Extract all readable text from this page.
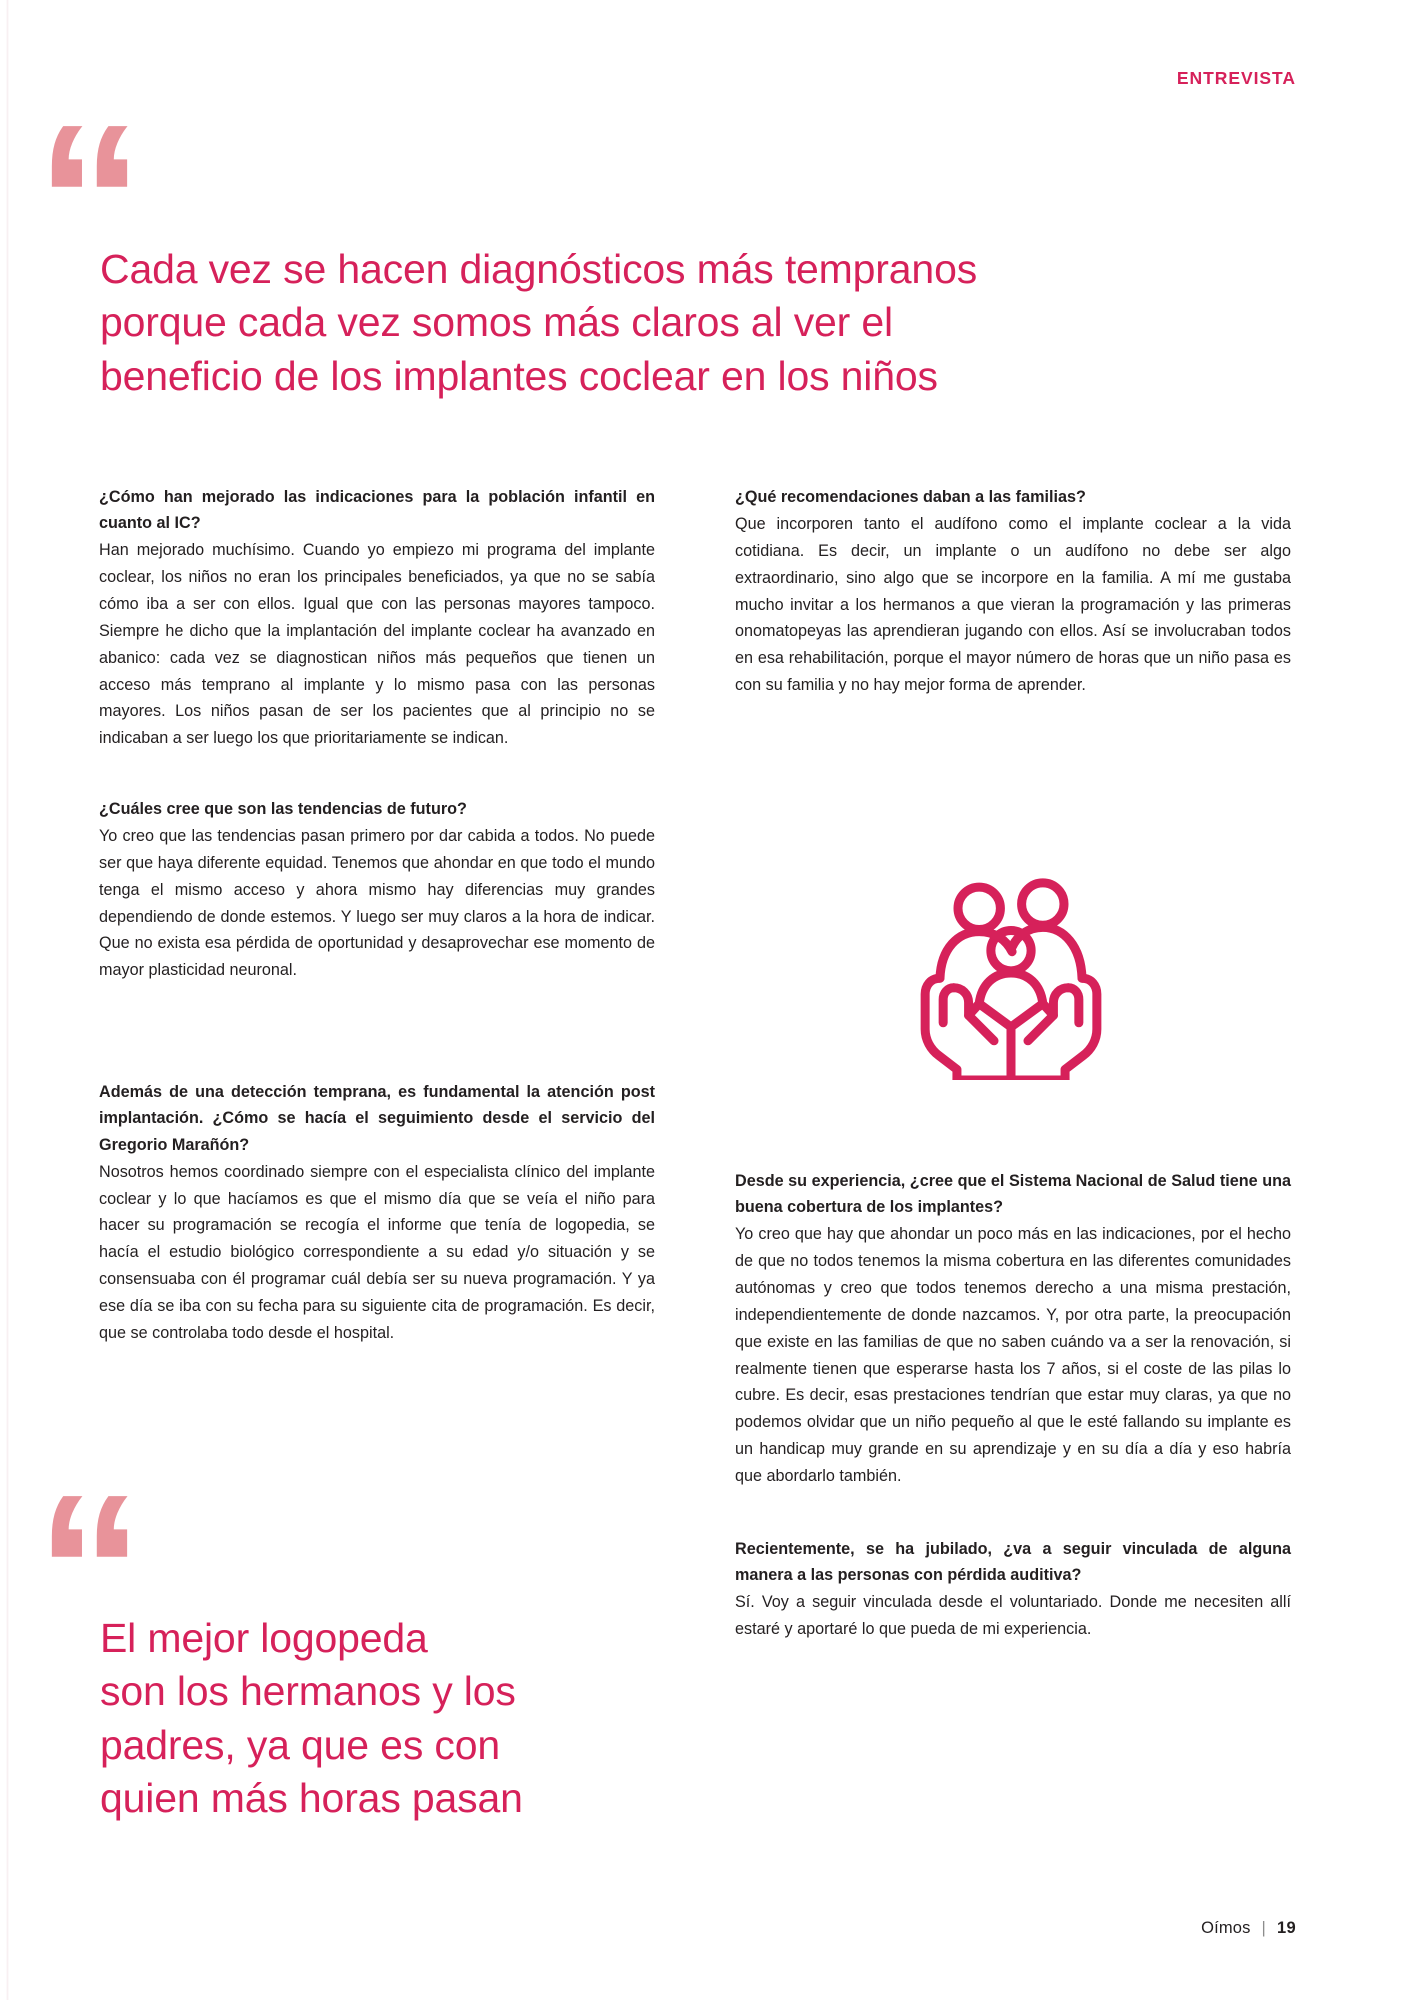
ENTREVISTA
“
Cada vez se hacen diagnósticos más tempranos
porque cada vez somos más claros al ver el
beneficio de los implantes coclear en los niños

¿Cómo han mejorado las indicaciones para la población infantil en cuanto al IC?

Han mejorado muchísimo. Cuando yo empiezo mi programa del implante coclear, los niños no eran los principales beneficiados, ya que no se sabía cómo iba a ser con ellos. Igual que con las personas mayores tampoco. Siempre he dicho que la implantación del implante coclear ha avanzado en abanico: cada vez se diagnostican niños más pequeños que tienen un acceso más temprano al implante y lo mismo pasa con las personas mayores. Los niños pasan de ser los pacientes que al principio no se indicaban a ser luego los que prioritariamente se indican.

¿Cuáles cree que son las tendencias de futuro?

Yo creo que las tendencias pasan primero por dar cabida a todos. No puede ser que haya diferente equidad. Tenemos que ahondar en que todo el mundo tenga el mismo acceso y ahora mismo hay diferencias muy grandes dependiendo de donde estemos. Y luego ser muy claros a la hora de indicar. Que no exista esa pérdida de oportunidad y desaprovechar ese momento de mayor plasticidad neuronal.

Además de una detección temprana, es fundamental la atención post implantación. ¿Cómo se hacía el seguimiento desde el servicio del Gregorio Marañón?

Nosotros hemos coordinado siempre con el especialista clínico del implante coclear y lo que hacíamos es que el mismo día que se veía el niño para hacer su programación se recogía el informe que tenía de logopedia, se hacía el estudio biológico correspondiente a su edad y/o situación y se consensuaba con él programar cuál debía ser su nueva programación. Y ya ese día se iba con su fecha para su siguiente cita de programación. Es decir, que se controlaba todo desde el hospital.

“
El mejor logopeda
son los hermanos y los
padres, ya que es con
quien más horas pasan

¿Qué recomendaciones daban a las familias?

Que incorporen tanto el audífono como el implante coclear a la vida cotidiana. Es decir, un implante o un audífono no debe ser algo extraordinario, sino algo que se incorpore en la familia. A mí me gustaba mucho invitar a los hermanos a que vieran la programación y las primeras onomatopeyas las aprendieran jugando con ellos. Así se involucraban todos en esa rehabilitación, porque el mayor número de horas que un niño pasa es con su familia y no hay mejor forma de aprender.

Desde su experiencia, ¿cree que el Sistema Nacional de Salud tiene una buena cobertura de los implantes?

Yo creo que hay que ahondar un poco más en las indicaciones, por el hecho de que no todos tenemos la misma cobertura en las diferentes comunidades autónomas y creo que todos tenemos derecho a una misma prestación, independientemente de donde nazcamos. Y, por otra parte, la preocupación que existe en las familias de que no saben cuándo va a ser la renovación, si realmente tienen que esperarse hasta los 7 años, si el coste de las pilas lo cubre. Es decir, esas prestaciones tendrían que estar muy claras, ya que no podemos olvidar que un niño pequeño al que le esté fallando su implante es un handicap muy grande en su aprendizaje y en su día a día y eso habría que abordarlo también.

Recientemente, se ha jubilado, ¿va a seguir vinculada de alguna manera a las personas con pérdida auditiva?

Sí. Voy a seguir vinculada desde el voluntariado. Donde me necesiten allí estaré y aportaré lo que pueda de mi experiencia.

Oímos | 19
